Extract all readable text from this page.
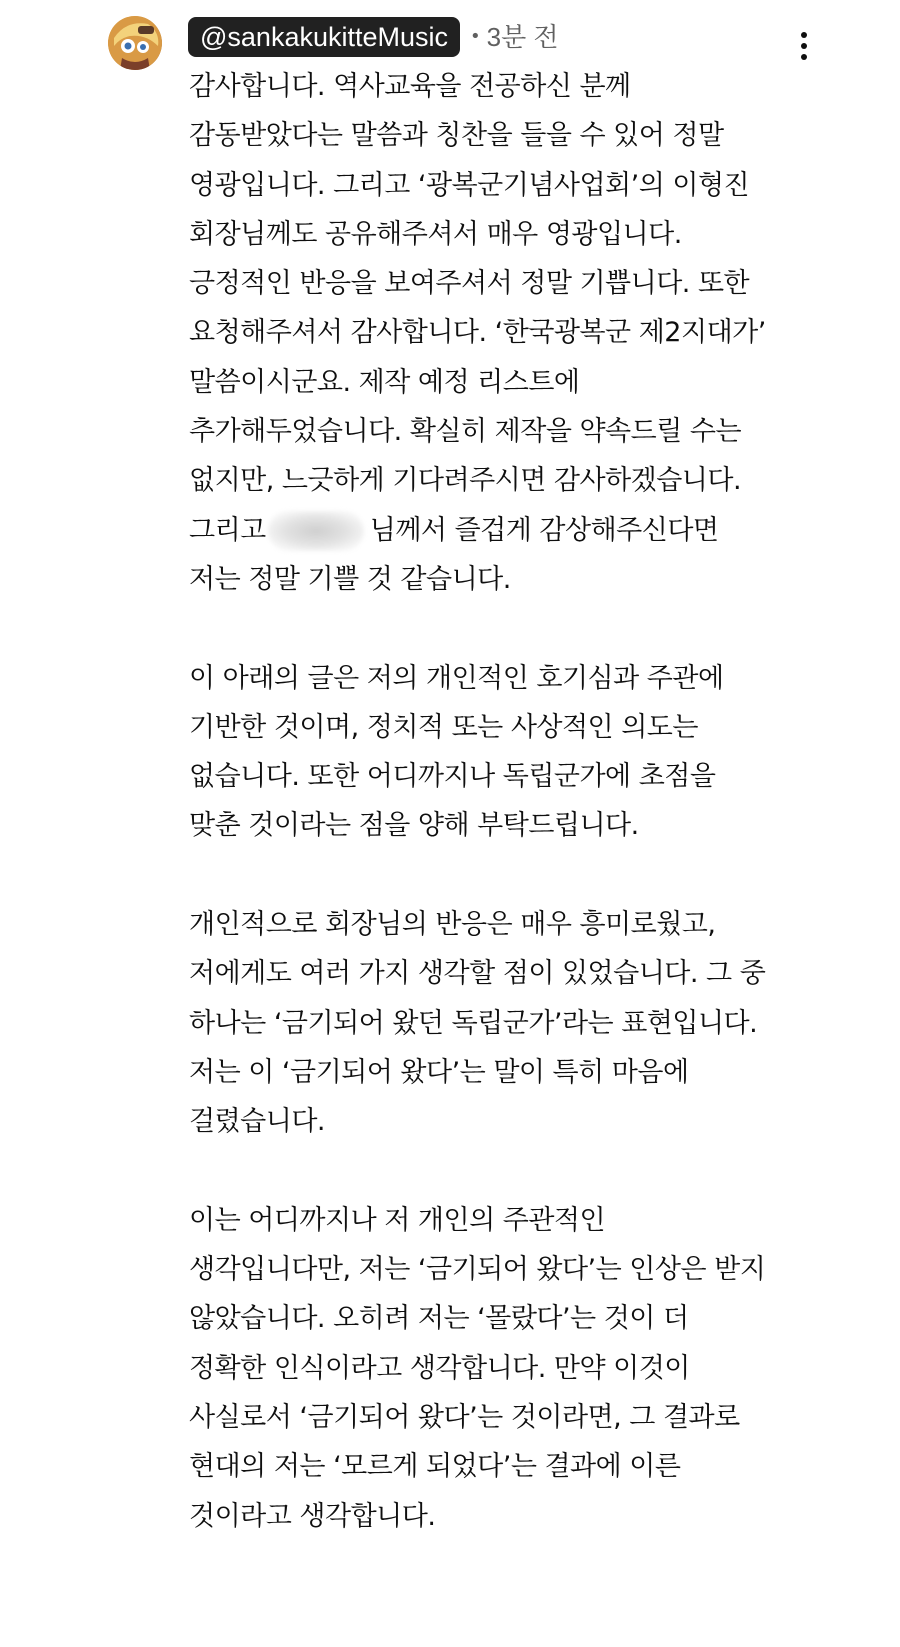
@sankakukitteMusic	• 3분 전
감사합니다. 역사교육을 전공하신 분께
감동받았다는 말씀과 칭찬을 들을 수 있어 정말
영광입니다. 그리고 ‘광복군기념사업회’의 이형진
회장님께도 공유해주셔서 매우 영광입니다.
긍정적인 반응을 보여주셔서 정말 기쁩니다. 또한
요청해주셔서 감사합니다. ‘한국광복군 제2지대가’
말씀이시군요. 제작 예정 리스트에
추가해두었습니다. 확실히 제작을 약속드릴 수는
없지만, 느긋하게 기다려주시면 감사하겠습니다.
그리고	님께서 즐겁게 감상해주신다면
저는 정말 기쁠 것 같습니다.
이 아래의 글은 저의 개인적인 호기심과 주관에
기반한 것이며, 정치적 또는 사상적인 의도는
없습니다. 또한 어디까지나 독립군가에 초점을
맞춘 것이라는 점을 양해 부탁드립니다.
개인적으로 회장님의 반응은 매우 흥미로웠고,
저에게도 여러 가지 생각할 점이 있었습니다. 그 중
하나는 ‘금기되어 왔던 독립군가’라는 표현입니다.
저는 이 ‘금기되어 왔다’는 말이 특히 마음에
걸렸습니다.
이는 어디까지나 저 개인의 주관적인
생각입니다만, 저는 ‘금기되어 왔다’는 인상은 받지
않았습니다. 오히려 저는 ‘몰랐다’는 것이 더
정확한 인식이라고 생각합니다. 만약 이것이
사실로서 ‘금기되어 왔다’는 것이라면, 그 결과로
현대의 저는 ‘모르게 되었다’는 결과에 이른
것이라고 생각합니다.
